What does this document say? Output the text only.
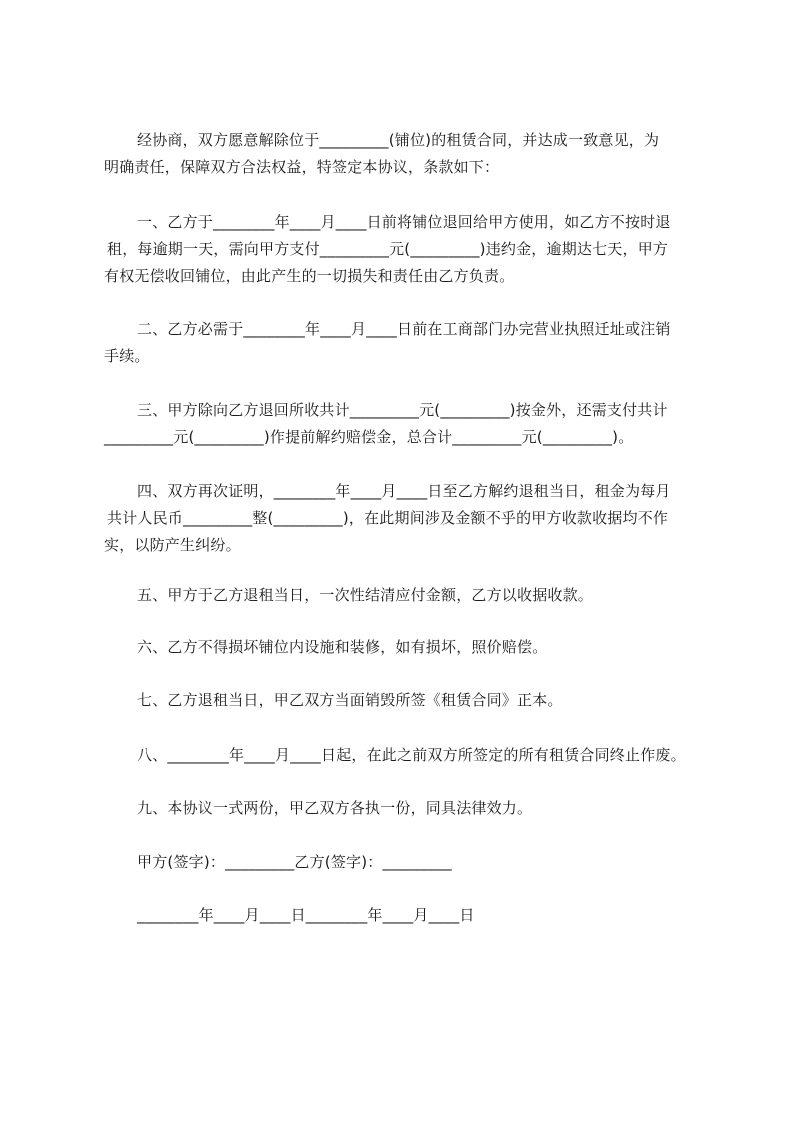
经协商，双方愿意解除位于_________(铺位)的租赁合同，并达成一致意见，为
明确责任，保障双方合法权益，特签定本协议，条款如下：
一、乙方于________年____月____日前将铺位退回给甲方使用，如乙方不按时退
租，每逾期一天，需向甲方支付_________元(_________)违约金，逾期达七天，甲方
有权无偿收回铺位，由此产生的一切损失和责任由乙方负责。
二、乙方必需于________年____月____日前在工商部门办完营业执照迁址或注销
手续。
三、甲方除向乙方退回所收共计_________元(_________)按金外，还需支付共计
_________元(_________)作提前解约赔偿金，总合计_________元(_________)。
四、双方再次证明，________年____月____日至乙方解约退租当日，租金为每月
共计人民币_________整(_________)，在此期间涉及金额不乎的甲方收款收据均不作
实，以防产生纠纷。
五、甲方于乙方退租当日，一次性结清应付金额，乙方以收据收款。
六、乙方不得损坏铺位内设施和装修，如有损坏，照价赔偿。
七、乙方退租当日，甲乙双方当面销毁所签《租赁合同》正本。
八、________年____月____日起，在此之前双方所签定的所有租赁合同终止作废。
九、本协议一式两份，甲乙双方各执一份，同具法律效力。
甲方(签字)：_________乙方(签字)：_________
________年____月____日________年____月____日
